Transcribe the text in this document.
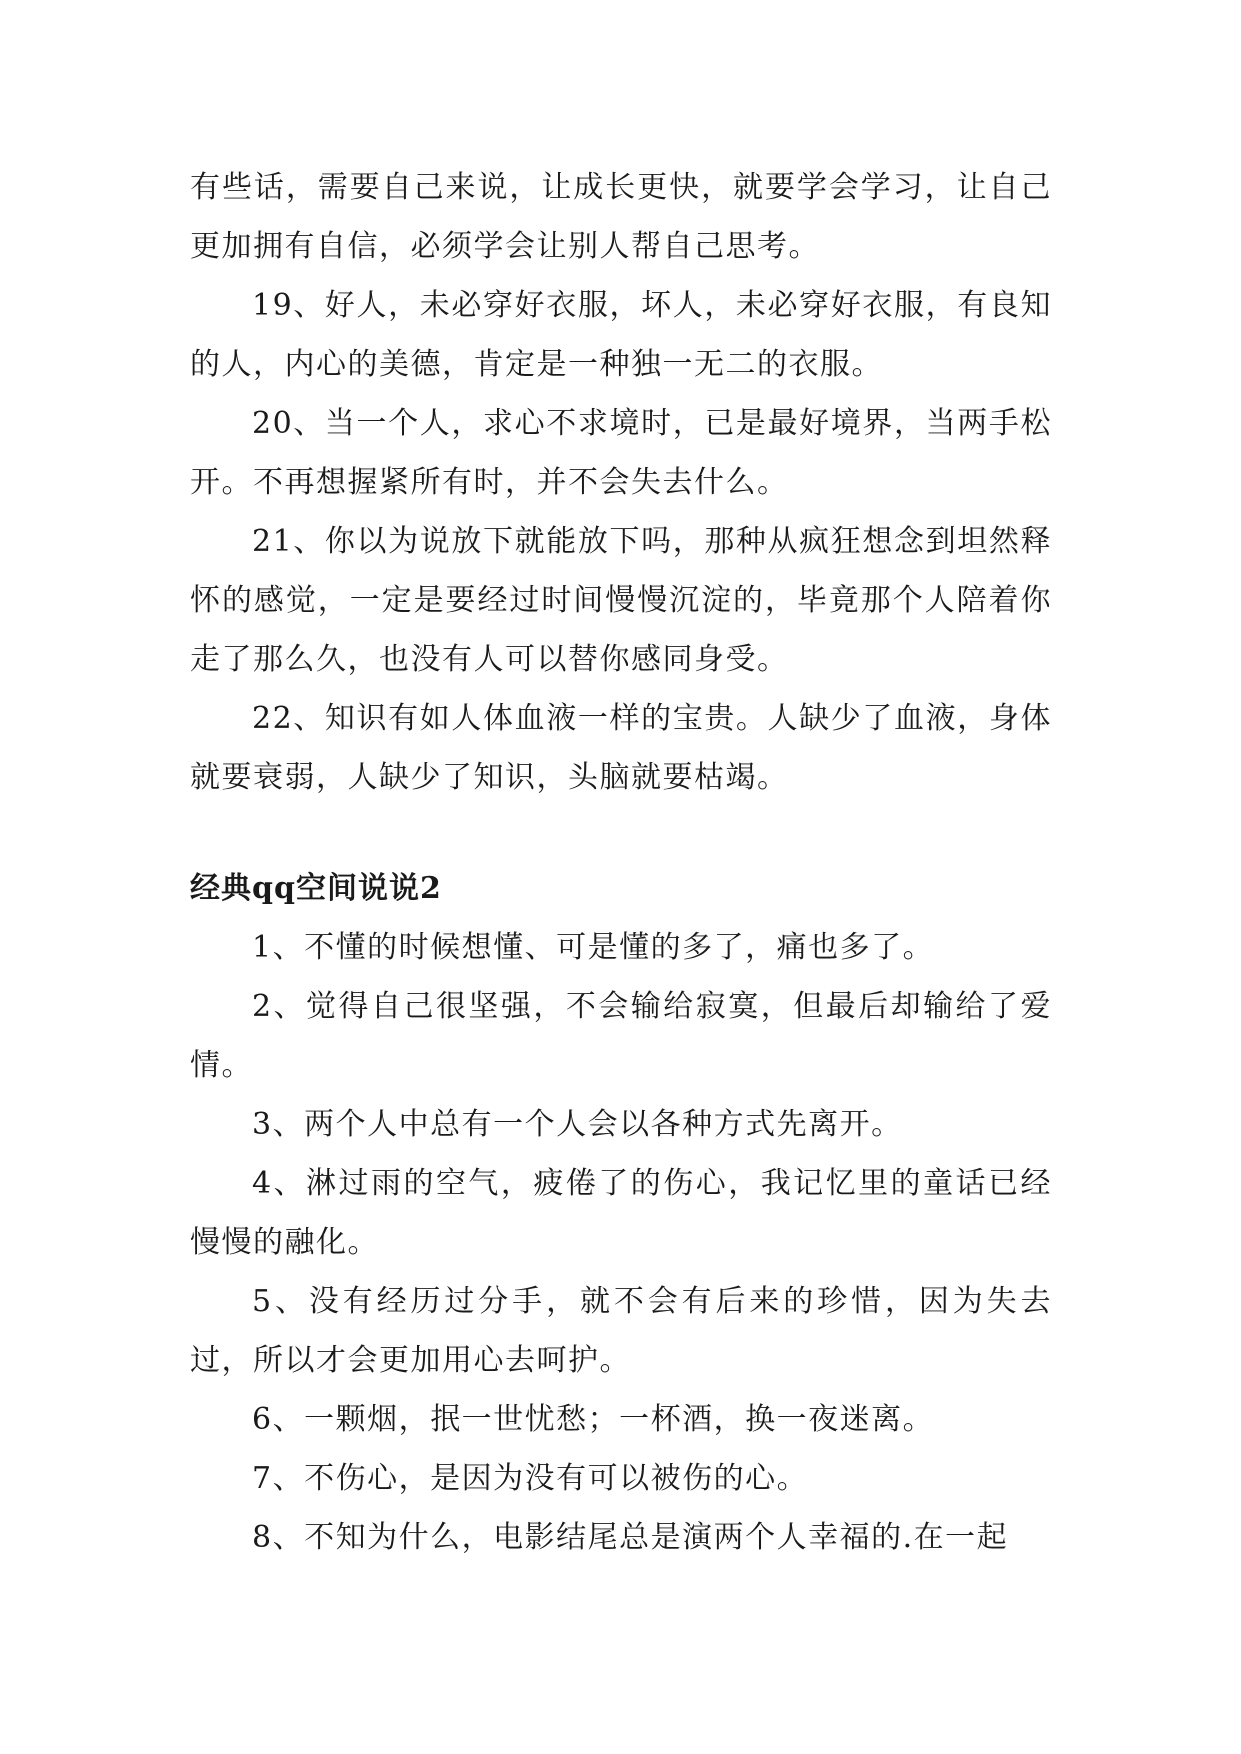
有些话，需要自己来说，让成长更快，就要学会学习，让自己更加拥有自信，必须学会让别人帮自己思考。

19、好人，未必穿好衣服，坏人，未必穿好衣服，有良知的人，内心的美德，肯定是一种独一无二的衣服。

20、当一个人，求心不求境时，已是最好境界，当两手松开。不再想握紧所有时，并不会失去什么。

21、你以为说放下就能放下吗，那种从疯狂想念到坦然释怀的感觉，一定是要经过时间慢慢沉淀的，毕竟那个人陪着你走了那么久，也没有人可以替你感同身受。

22、知识有如人体血液一样的宝贵。人缺少了血液，身体就要衰弱，人缺少了知识，头脑就要枯竭。

经典qq空间说说2

1、不懂的时候想懂、可是懂的多了，痛也多了。

2、觉得自己很坚强，不会输给寂寞，但最后却输给了爱情。

3、两个人中总有一个人会以各种方式先离开。

4、淋过雨的空气，疲倦了的伤心，我记忆里的童话已经慢慢的融化。

5、没有经历过分手，就不会有后来的珍惜，因为失去过，所以才会更加用心去呵护。

6、一颗烟，抿一世忧愁；一杯酒，换一夜迷离。

7、不伤心，是因为没有可以被伤的心。

8、不知为什么，电影结尾总是演两个人幸福的.在一起
